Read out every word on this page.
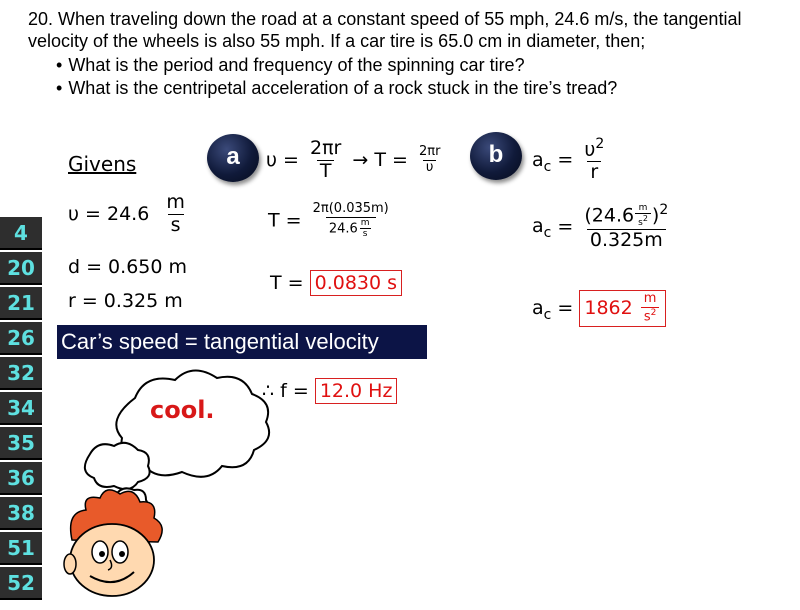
20. When traveling down the road at a constant speed of 55 mph, 24.6 m/s, the tangential velocity of the wheels is also 55 mph. If a car tire is 65.0 cm in diameter, then;

• What is the period and frequency of the spinning car tire?
• What is the centripetal acceleration of a rock stuck in the tire’s tread?
Givens
$\upsilon = 24.6 \frac{m}{s}$
d = 0.650 m
r = 0.325 m
a	b
$\upsilon = \frac{2\pi r}{T} \to T = \frac{2\pi r}{\upsilon}$
$T = \frac{2\pi(0.035m)}{24.6 \frac{m}{s}}$
T = 0.0830 s
∴ f = 12.0 Hz
$a_c = \frac{\upsilon^2}{r}$
$a_c = \frac{(24.6 \frac{m}{s^2} )^2}{0.325m}$
$a_c = 1862 \frac{m}{s^2}$
Car’s speed = tangential velocity
cool.
4
20
21
26
32
34
35
36
38
51
52
